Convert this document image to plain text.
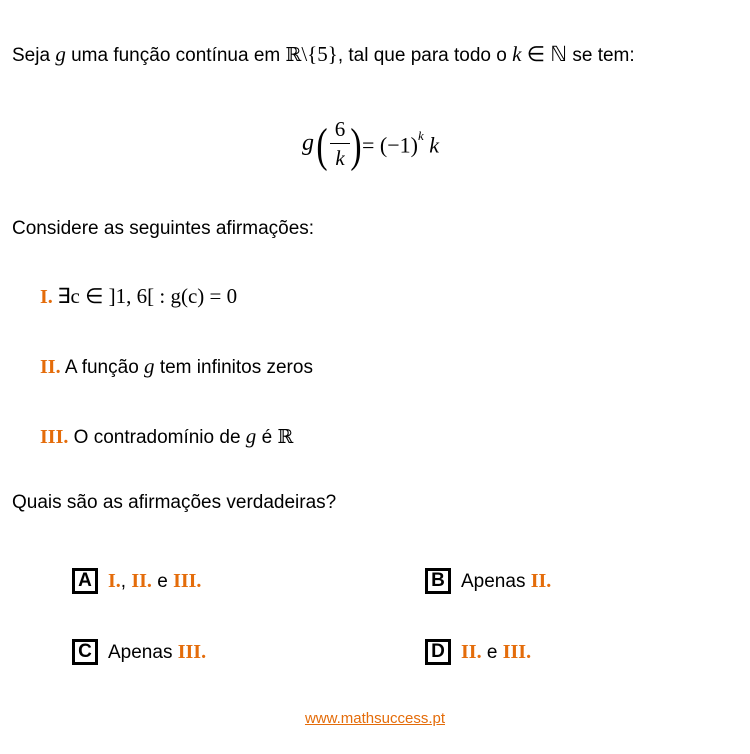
Seja g uma função contínua em ℝ\{5}, tal que para todo o k ∈ ℕ se tem:
g ( 6
k ) = $(-1)^k$ k
Considere as seguintes afirmações:
I. ∃c ∈ ]1, 6[ : g(c) = 0
II. A função g tem infinitos zeros
III. O contradomínio de g é ℝ
Quais são as afirmações verdadeiras?
A I., II. e III.	B Apenas II.
C Apenas III.	D II. e III.
www.mathsuccess.pt
